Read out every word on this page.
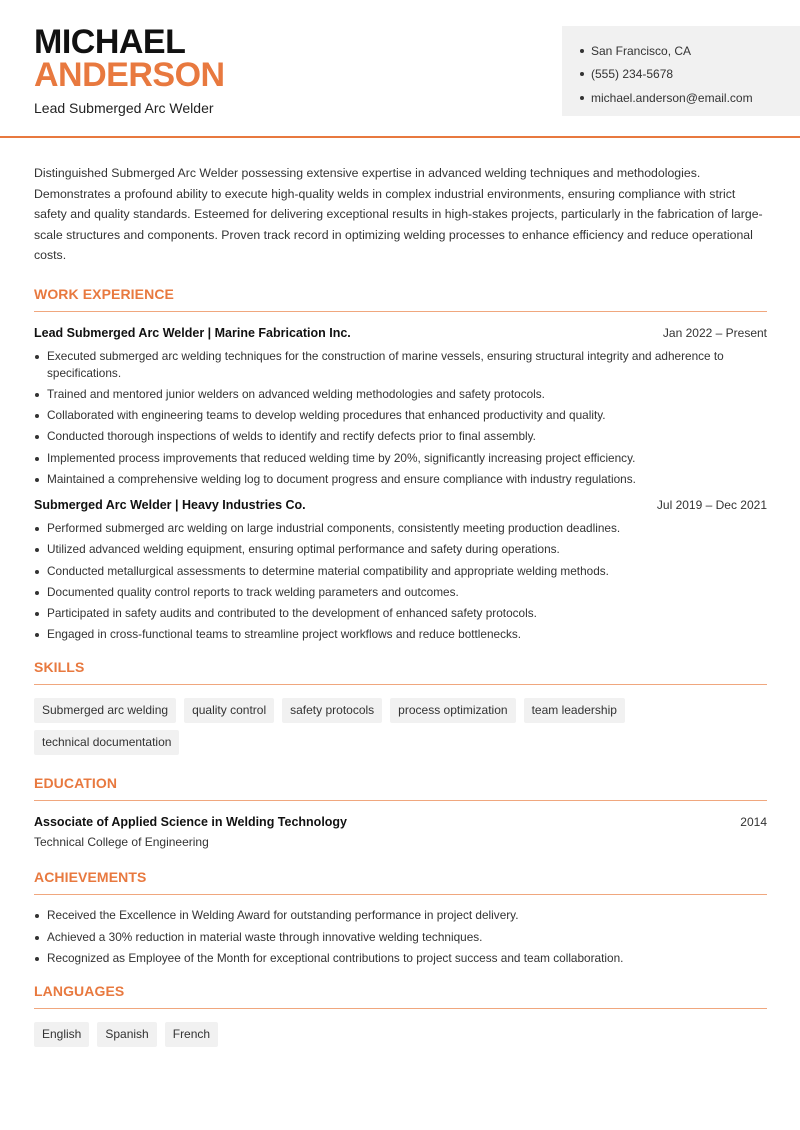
MICHAEL
ANDERSON
Lead Submerged Arc Welder
San Francisco, CA
(555) 234-5678
michael.anderson@email.com

Distinguished Submerged Arc Welder possessing extensive expertise in advanced welding techniques and methodologies. Demonstrates a profound ability to execute high-quality welds in complex industrial environments, ensuring compliance with strict safety and quality standards. Esteemed for delivering exceptional results in high-stakes projects, particularly in the fabrication of large-scale structures and components. Proven track record in optimizing welding processes to enhance efficiency and reduce operational costs.

WORK EXPERIENCE
Lead Submerged Arc Welder | Marine Fabrication Inc.	Jan 2022 – Present
Executed submerged arc welding techniques for the construction of marine vessels, ensuring structural integrity and adherence to specifications.
Trained and mentored junior welders on advanced welding methodologies and safety protocols.
Collaborated with engineering teams to develop welding procedures that enhanced productivity and quality.
Conducted thorough inspections of welds to identify and rectify defects prior to final assembly.
Implemented process improvements that reduced welding time by 20%, significantly increasing project efficiency.
Maintained a comprehensive welding log to document progress and ensure compliance with industry regulations.
Submerged Arc Welder | Heavy Industries Co.	Jul 2019 – Dec 2021
Performed submerged arc welding on large industrial components, consistently meeting production deadlines.
Utilized advanced welding equipment, ensuring optimal performance and safety during operations.
Conducted metallurgical assessments to determine material compatibility and appropriate welding methods.
Documented quality control reports to track welding parameters and outcomes.
Participated in safety audits and contributed to the development of enhanced safety protocols.
Engaged in cross-functional teams to streamline project workflows and reduce bottlenecks.
SKILLS
Submerged arc welding	quality control	safety protocols	process optimization	team leadership
technical documentation
EDUCATION
Associate of Applied Science in Welding Technology	2014
Technical College of Engineering
ACHIEVEMENTS
Received the Excellence in Welding Award for outstanding performance in project delivery.
Achieved a 30% reduction in material waste through innovative welding techniques.
Recognized as Employee of the Month for exceptional contributions to project success and team collaboration.
LANGUAGES
English	Spanish	French
